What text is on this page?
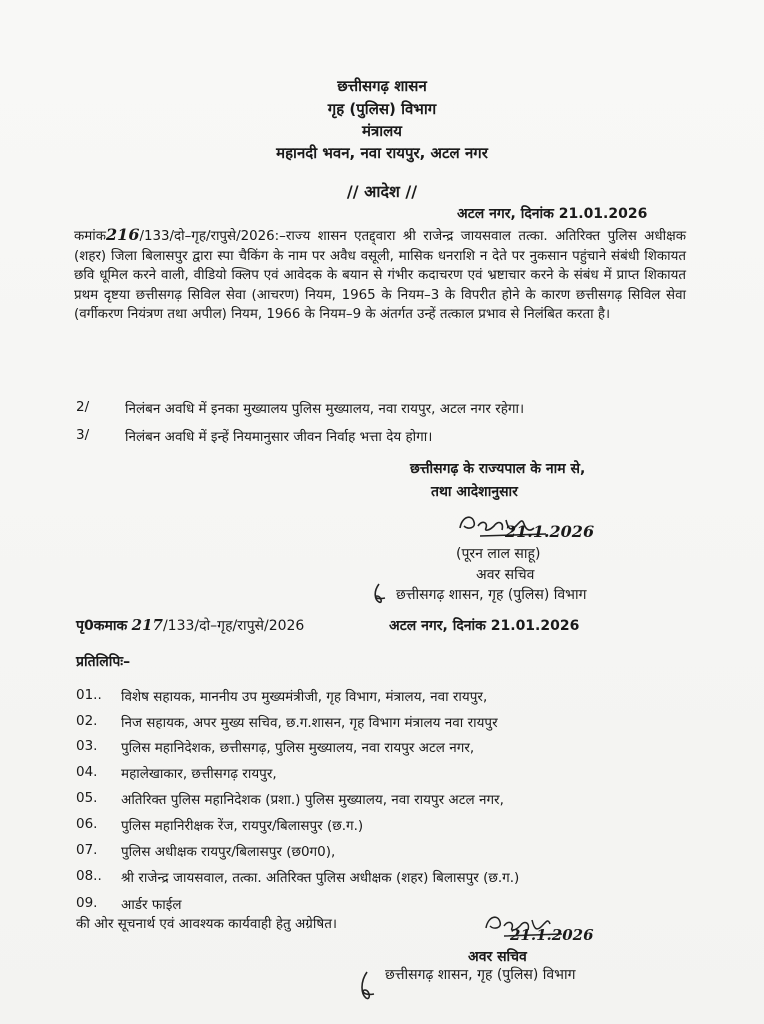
छत्तीसगढ़ शासन
गृह (पुलिस) विभाग
मंत्रालय
महानदी भवन, नवा रायपुर, अटल नगर
// आदेश //
अटल नगर, दिनांक 21.01.2026
कमांक216/133/दो–गृह/रापुसे/2026:–राज्य शासन एतद्द्वारा श्री राजेन्द्र जायसवाल तत्का. अतिरिक्त पुलिस अधीक्षक (शहर) जिला बिलासपुर द्वारा स्पा चैकिंग के नाम पर अवैध वसूली, मासिक धनराशि न देते पर नुकसान पहुंचाने संबंधी शिकायत छवि धूमिल करने वाली, वीडियो क्लिप एवं आवेदक के बयान से गंभीर कदाचरण एवं भ्रष्टाचार करने के संबंध में प्राप्त शिकायत प्रथम दृष्टया छत्तीसगढ़ सिविल सेवा (आचरण) नियम, 1965 के नियम–3 के विपरीत होने के कारण छत्तीसगढ़ सिविल सेवा (वर्गीकरण नियंत्रण तथा अपील) नियम, 1966 के नियम–9 के अंतर्गत उन्हें तत्काल प्रभाव से निलंबित करता है।
2/	निलंबन अवधि में इनका मुख्यालय पुलिस मुख्यालय, नवा रायपुर, अटल नगर रहेगा।
3/	निलंबन अवधि में इन्हें नियमानुसार जीवन निर्वाह भत्ता देय होगा।
छत्तीसगढ़ के राज्यपाल के नाम से,
तथा आदेशानुसार
21.1.2026
(पूरन लाल साहू)
अवर सचिव
छत्तीसगढ़ शासन, गृह (पुलिस) विभाग
पृ0कमाक 217/133/दो–गृह/रापुसे/2026	अटल नगर, दिनांक 21.01.2026
प्रतिलिपिः–
01.. विशेष सहायक, माननीय उप मुख्यमंत्रीजी, गृह विभाग, मंत्रालय, नवा रायपुर,
02. निज सहायक, अपर मुख्य सचिव, छ.ग.शासन, गृह विभाग मंत्रालय नवा रायपुर
03. पुलिस महानिदेशक, छत्तीसगढ़, पुलिस मुख्यालय, नवा रायपुर अटल नगर,
04. महालेखाकार, छत्तीसगढ़ रायपुर,
05. अतिरिक्त पुलिस महानिदेशक (प्रशा.) पुलिस मुख्यालय, नवा रायपुर अटल नगर,
06. पुलिस महानिरीक्षक रेंज, रायपुर/बिलासपुर (छ.ग.)
07. पुलिस अधीक्षक रायपुर/बिलासपुर (छ0ग0),
08.. श्री राजेन्द्र जायसवाल, तत्का. अतिरिक्त पुलिस अधीक्षक (शहर) बिलासपुर (छ.ग.)
09. आर्डर फाईल
की ओर सूचनार्थ एवं आवश्यक कार्यवाही हेतु अग्रेषित।
21.1.2026
अवर सचिव
छत्तीसगढ़ शासन, गृह (पुलिस) विभाग
